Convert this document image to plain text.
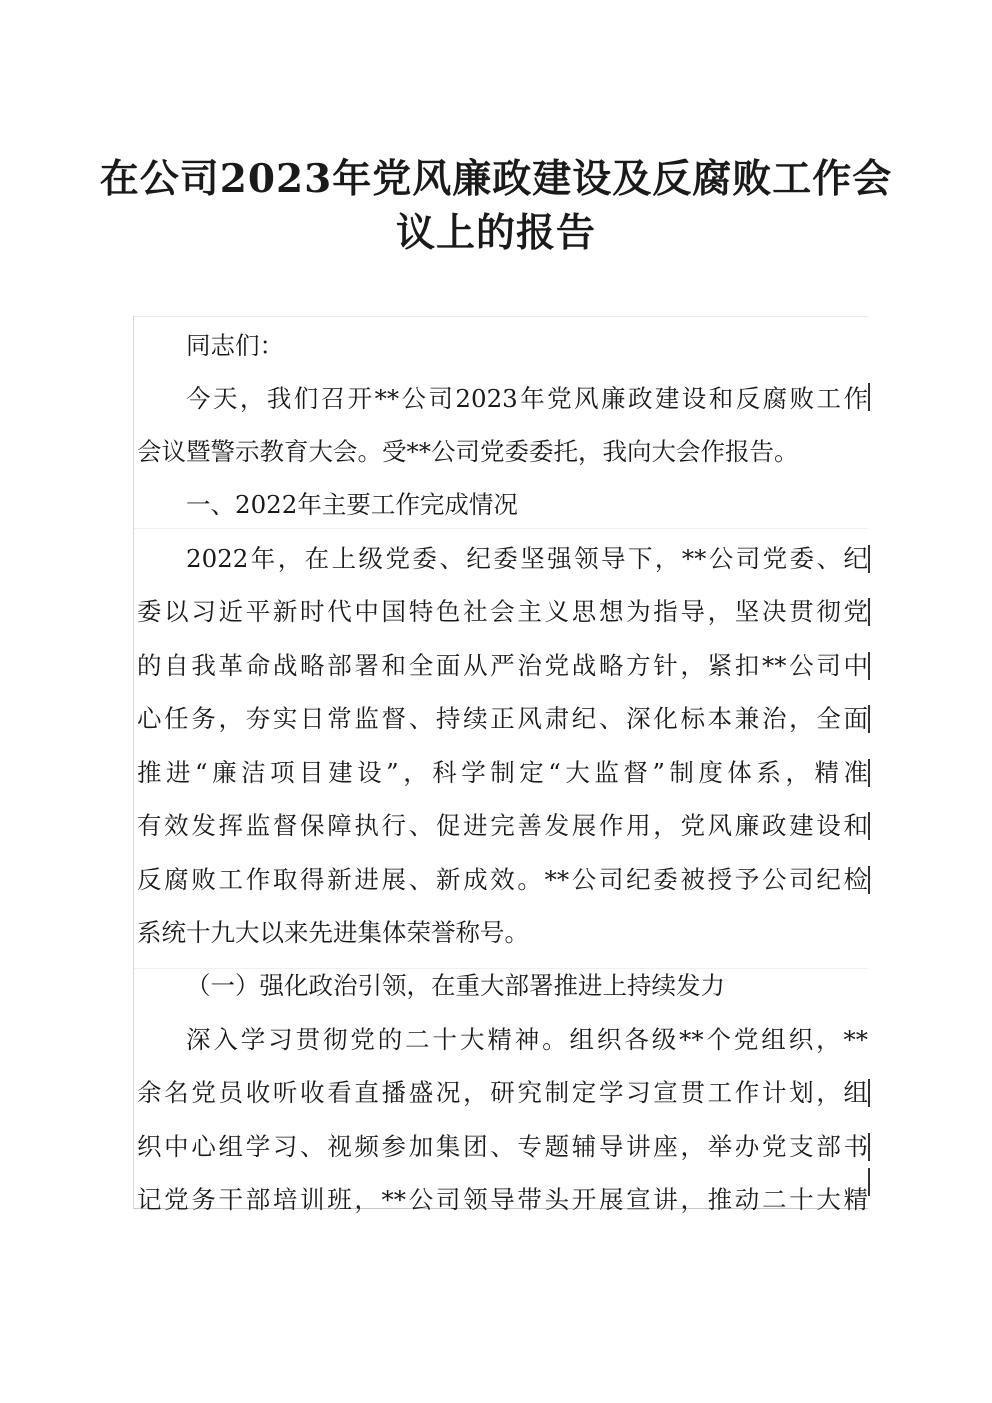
在公司2023年党风廉政建设及反腐败工作会
议上的报告

同志们：

今天，我们召开**公司2023年党风廉政建设和反腐败工作

会议暨警示教育大会。受**公司党委委托，我向大会作报告。

一、2022年主要工作完成情况

2022年，在上级党委、纪委坚强领导下，**公司党委、纪

委以习近平新时代中国特色社会主义思想为指导，坚决贯彻党

的自我革命战略部署和全面从严治党战略方针，紧扣**公司中

心任务，夯实日常监督、持续正风肃纪、深化标本兼治，全面

推进“廉洁项目建设”，科学制定“大监督”制度体系，精准

有效发挥监督保障执行、促进完善发展作用，党风廉政建设和

反腐败工作取得新进展、新成效。**公司纪委被授予公司纪检

系统十九大以来先进集体荣誉称号。

（一）强化政治引领，在重大部署推进上持续发力

深入学习贯彻党的二十大精神。组织各级**个党组织，**

余名党员收听收看直播盛况，研究制定学习宣贯工作计划，组

织中心组学习、视频参加集团、专题辅导讲座，举办党支部书

记党务干部培训班，**公司领导带头开展宣讲，推动二十大精
